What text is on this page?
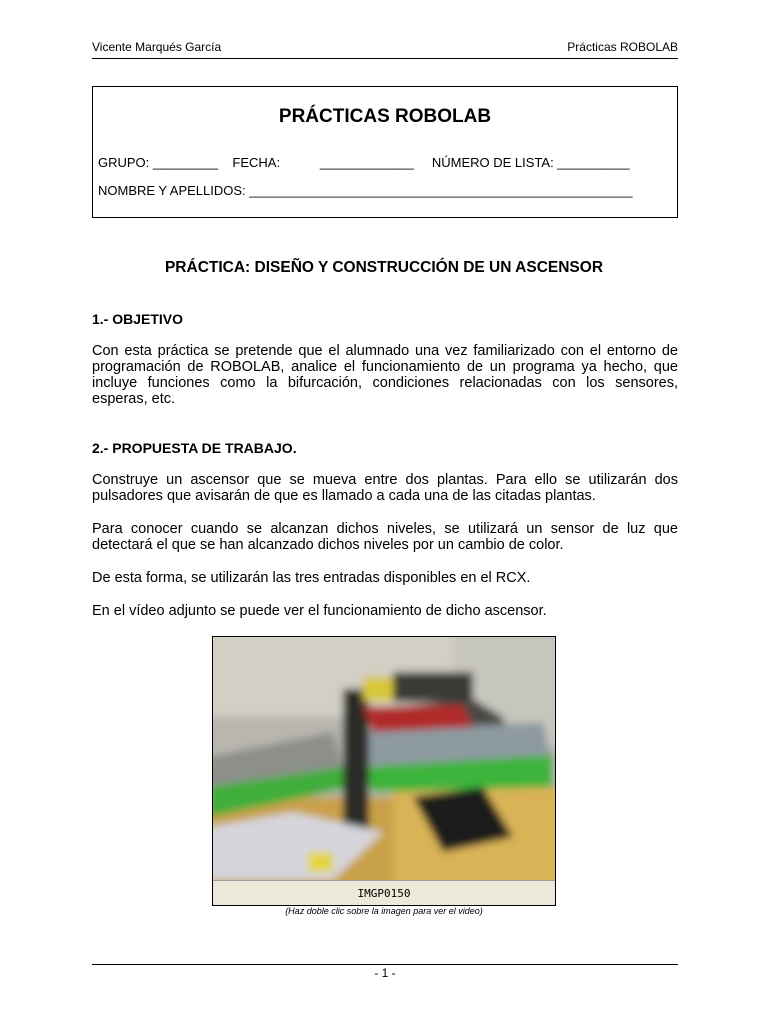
Vicente Marqués García	Prácticas ROBOLAB
PRÁCTICAS ROBOLAB
GRUPO: _________    FECHA:           _____________     NÚMERO DE LISTA: __________
NOMBRE Y APELLIDOS: _____________________________________________________
PRÁCTICA: DISEÑO Y CONSTRUCCIÓN DE UN ASCENSOR
1.- OBJETIVO
Con esta práctica se pretende que el alumnado una vez familiarizado con el entorno de programación de ROBOLAB, analice el funcionamiento de un programa ya hecho, que incluye funciones como la bifurcación, condiciones relacionadas con los sensores, esperas, etc.
2.- PROPUESTA DE TRABAJO.
Construye un ascensor que se mueva entre dos plantas. Para ello se utilizarán dos pulsadores que avisarán de que es llamado a cada una de las citadas plantas.
Para conocer cuando se alcanzan dichos niveles, se utilizará un sensor de luz que detectará el que se han alcanzado dichos niveles por un cambio de color.
De esta forma, se utilizarán las tres entradas disponibles en el RCX.
En el vídeo adjunto se puede ver el funcionamiento de dicho ascensor.
IMGP0150
(Haz doble clic sobre la imagen para ver el video)
- 1 -
